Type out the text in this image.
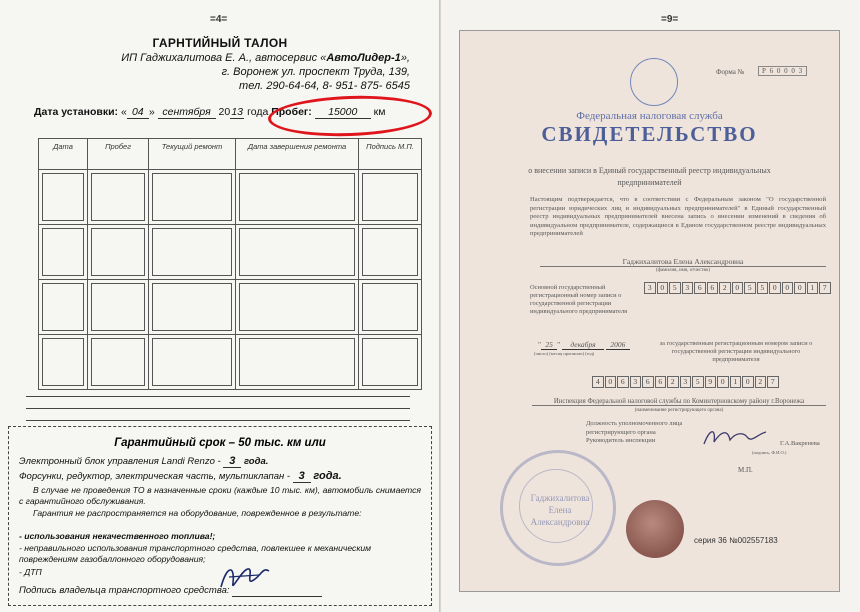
=4=
ГАРНТИЙНЫЙ ТАЛОН
ИП Гаджихалитова Е. А., автосервис «АвтоЛидер-1»,
г. Воронеж ул. проспект Труда, 139,
тел. 290-64-64, 8- 951- 875- 6545
Дата установки: « 04 » сентября 2013 года Пробег: 15000 км
Дата	Пробег	Текущий ремонт	Дата завершения ремонта	Подпись М.П.

Гарантийный срок – 50 тыс. км или
Электронный блок управления Landi Renzo - 3 года.
Форсунки, редуктор, электрическая часть, мультиклапан - 3 года.
В случае не проведения ТО в назначенные сроки (каждые 10 тыс. км), автомобиль снимается с гарантийного обслуживания.
Гарантия не распространяется на оборудование, поврежденное в результате:
- использования некачественного топлива!;
- неправильного использования транспортного средства, повлекшее к механическим повреждениям газобаллонного оборудования;
- ДТП
Подпись владельца транспортного средства:
=9=
Форма №	Р 6 0 0 0 3
Федеральная налоговая служба
СВИДЕТЕЛЬСТВО
о внесении записи в Единый государственный реестр индивидуальных
предпринимателей
Настоящим подтверждается, что в соответствии с Федеральным законом "О государственной регистрации юридических лиц и индивидуальных предпринимателей" в Единый государственный реестр индивидуальных предпринимателей внесена запись о внесении изменений в сведения об индивидуальном предпринимателе, содержащиеся в Едином государственном реестре индивидуальных предпринимателей
Гаджихалитова Елена Александровна
(фамилия, имя, отчество)
Основной государственный регистрационный номер записи о государственной регистрации индивидуального предпринимателя
3	0	5	3	6	6	2	0	5	5	0	0	0	1	7
" 25 " декабря 2006
(число) (месяц прописью) (год)
за государственным регистрационным номером записи о государственной регистрации индивидуального предпринимателя
4	0	6	3	6	6	2	3	5	9	0	1	0	2	7
Инспекция Федеральной налоговой службы по Коминтерновскому району г.Воронежа
(наименование регистрирующего органа)
Должность уполномоченного лица
регистрирующего органа
Руководитель инспекции	Г.А.Вакренева
(подпись, Ф.И.О.)
М.П.
Гаджихалитова
Елена
Александровна
серия 36 №002557183
